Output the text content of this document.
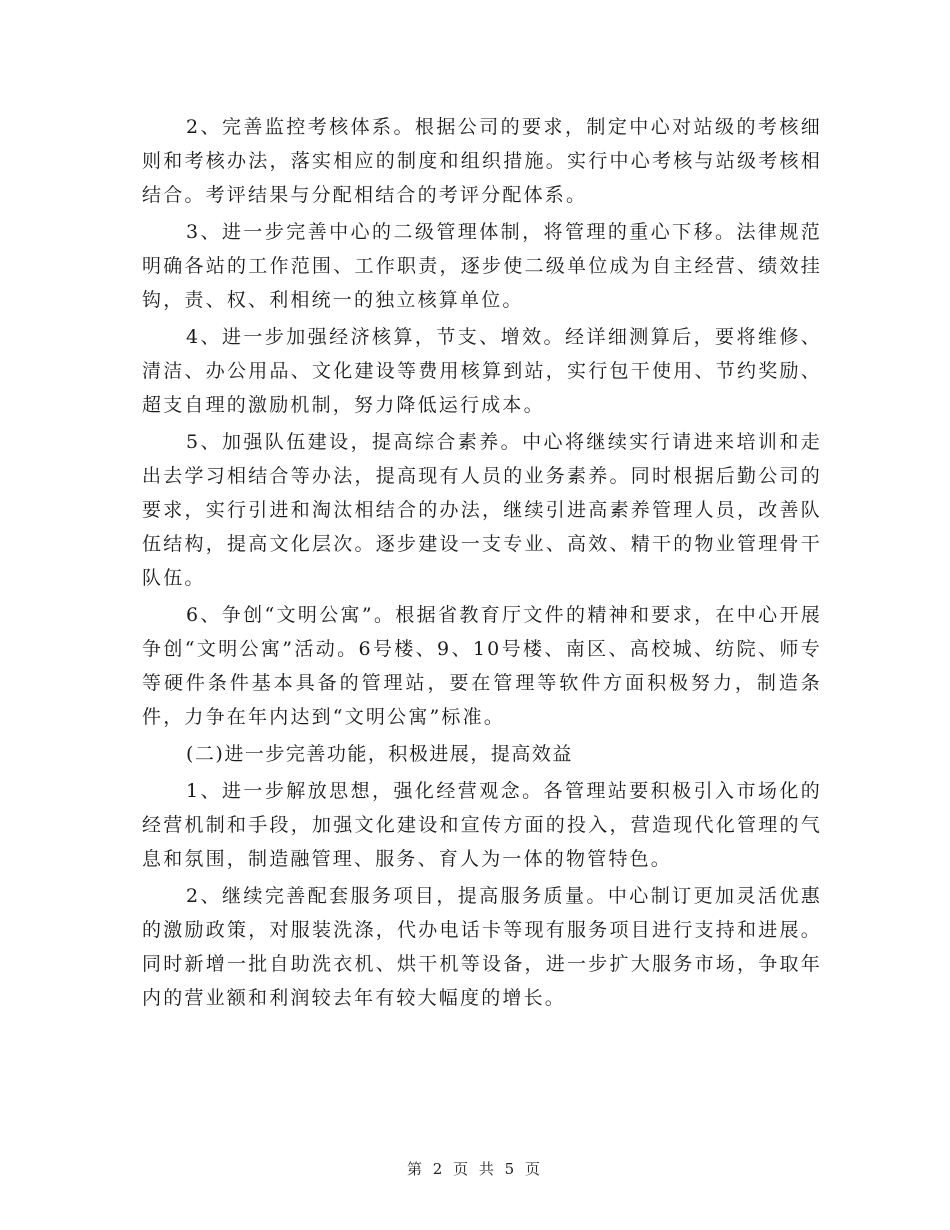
2、完善监控考核体系。根据公司的要求，制定中心对站级的考核细则和考核办法，落实相应的制度和组织措施。实行中心考核与站级考核相结合。考评结果与分配相结合的考评分配体系。

3、进一步完善中心的二级管理体制，将管理的重心下移。法律规范明确各站的工作范围、工作职责，逐步使二级单位成为自主经营、绩效挂钩，责、权、利相统一的独立核算单位。

4、进一步加强经济核算，节支、增效。经详细测算后，要将维修、清洁、办公用品、文化建设等费用核算到站，实行包干使用、节约奖励、超支自理的激励机制，努力降低运行成本。

5、加强队伍建设，提高综合素养。中心将继续实行请进来培训和走出去学习相结合等办法，提高现有人员的业务素养。同时根据后勤公司的要求，实行引进和淘汰相结合的办法，继续引进高素养管理人员，改善队伍结构，提高文化层次。逐步建设一支专业、高效、精干的物业管理骨干队伍。

6、争创“文明公寓”。根据省教育厅文件的精神和要求，在中心开展争创“文明公寓”活动。6号楼、9、10号楼、南区、高校城、纺院、师专等硬件条件基本具备的管理站，要在管理等软件方面积极努力，制造条件，力争在年内达到“文明公寓”标准。

(二)进一步完善功能，积极进展，提高效益

1、进一步解放思想，强化经营观念。各管理站要积极引入市场化的经营机制和手段，加强文化建设和宣传方面的投入，营造现代化管理的气息和氛围，制造融管理、服务、育人为一体的物管特色。

2、继续完善配套服务项目，提高服务质量。中心制订更加灵活优惠的激励政策，对服装洗涤，代办电话卡等现有服务项目进行支持和进展。同时新增一批自助洗衣机、烘干机等设备，进一步扩大服务市场，争取年内的营业额和利润较去年有较大幅度的增长。

第 2 页 共 5 页
